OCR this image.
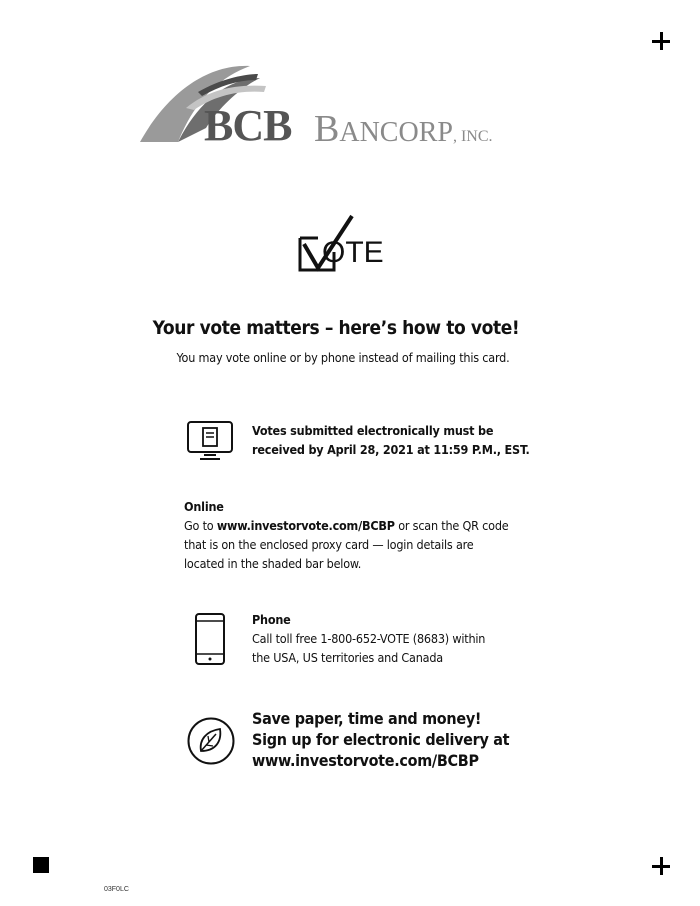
03F0LC
BCB BANCORP, INC.
OTE
Your vote matters – here’s how to vote!
You may vote online or by phone instead of mailing this card.
Votes submitted electronically must be
received by April 28, 2021 at 11:59 P.M., EST.
Online
Go to www.investorvote.com/BCBP or scan the QR code
that is on the enclosed proxy card — login details are
located in the shaded bar below.
Phone
Call toll free 1-800-652-VOTE (8683) within
the USA, US territories and Canada
Save paper, time and money!
Sign up for electronic delivery at
www.investorvote.com/BCBP
